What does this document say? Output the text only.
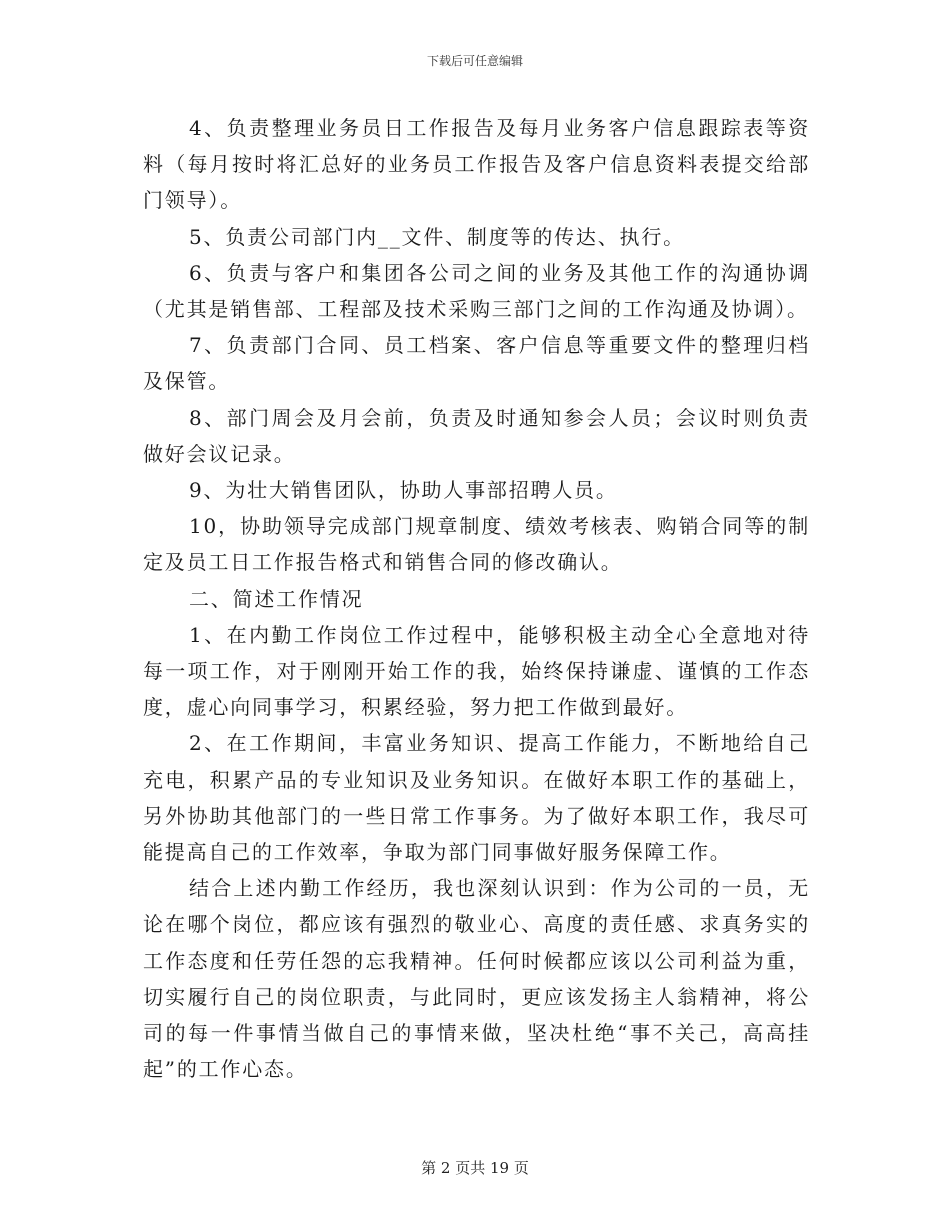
下载后可任意编辑

4、负责整理业务员日工作报告及每月业务客户信息跟踪表等资料（每月按时将汇总好的业务员工作报告及客户信息资料表提交给部门领导）。

5、负责公司部门内__文件、制度等的传达、执行。

6、负责与客户和集团各公司之间的业务及其他工作的沟通协调（尤其是销售部、工程部及技术采购三部门之间的工作沟通及协调）。

7、负责部门合同、员工档案、客户信息等重要文件的整理归档及保管。

8、部门周会及月会前，负责及时通知参会人员；会议时则负责做好会议记录。

9、为壮大销售团队，协助人事部招聘人员。

10，协助领导完成部门规章制度、绩效考核表、购销合同等的制定及员工日工作报告格式和销售合同的修改确认。

二、简述工作情况

1、在内勤工作岗位工作过程中，能够积极主动全心全意地对待每一项工作，对于刚刚开始工作的我，始终保持谦虚、谨慎的工作态度，虚心向同事学习，积累经验，努力把工作做到最好。

2、在工作期间，丰富业务知识、提高工作能力，不断地给自己充电，积累产品的专业知识及业务知识。在做好本职工作的基础上，另外协助其他部门的一些日常工作事务。为了做好本职工作，我尽可能提高自己的工作效率，争取为部门同事做好服务保障工作。

结合上述内勤工作经历，我也深刻认识到：作为公司的一员，无论在哪个岗位，都应该有强烈的敬业心、高度的责任感、求真务实的工作态度和任劳任怨的忘我精神。任何时候都应该以公司利益为重，切实履行自己的岗位职责，与此同时，更应该发扬主人翁精神，将公司的每一件事情当做自己的事情来做，坚决杜绝“事不关己，高高挂起”的工作心态。

第 2 页共 19 页
